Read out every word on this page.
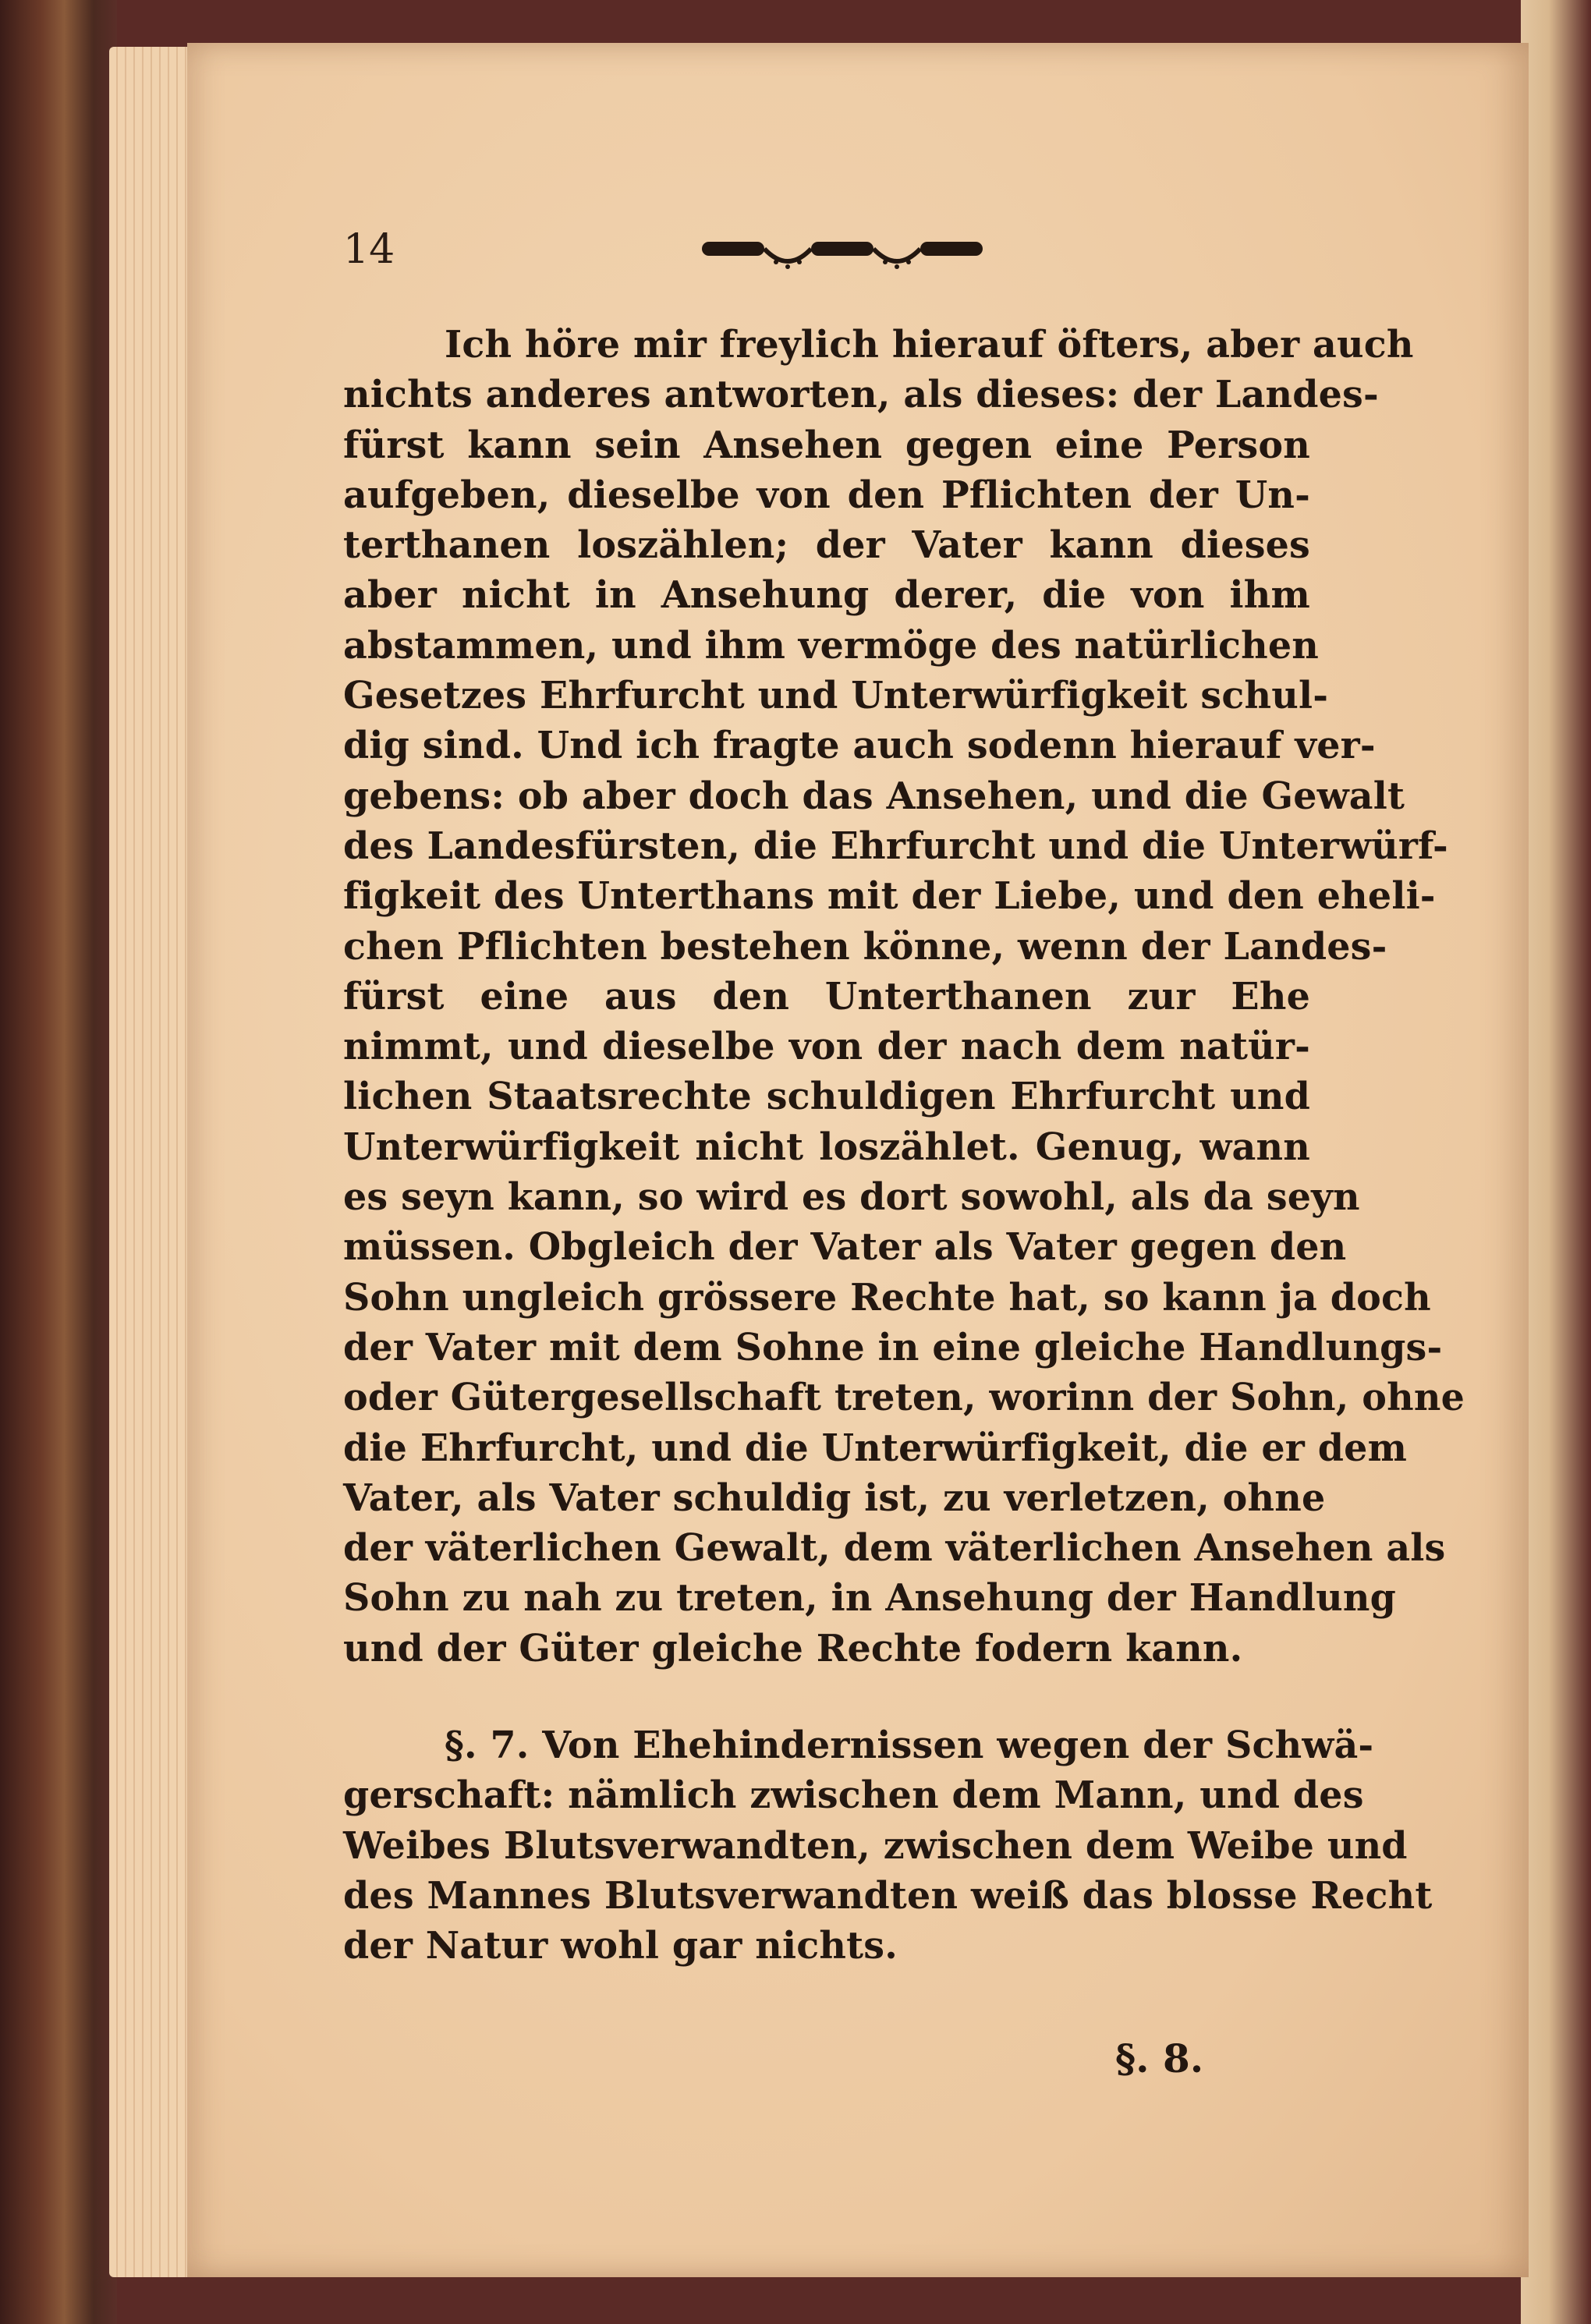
14
Ich höre mir freylich hierauf öfters, aber auch
nichts anderes antworten, als dieses: der Landes-
fürst kann sein Ansehen gegen eine Person
aufgeben, dieselbe von den Pflichten der Un-
terthanen loszählen; der Vater kann dieses
aber nicht in Ansehung derer, die von ihm
abstammen, und ihm vermöge des natürlichen
Gesetzes Ehrfurcht und Unterwürfigkeit schul-
dig sind. Und ich fragte auch sodenn hierauf ver-
gebens: ob aber doch das Ansehen, und die Gewalt
des Landesfürsten, die Ehrfurcht und die Unterwürf-
figkeit des Unterthans mit der Liebe, und den eheli-
chen Pflichten bestehen könne, wenn der Landes-
fürst eine aus den Unterthanen zur Ehe
nimmt, und dieselbe von der nach dem natür-
lichen Staatsrechte schuldigen Ehrfurcht und
Unterwürfigkeit nicht loszählet. Genug, wann
es seyn kann, so wird es dort sowohl, als da seyn
müssen. Obgleich der Vater als Vater gegen den
Sohn ungleich grössere Rechte hat, so kann ja doch
der Vater mit dem Sohne in eine gleiche Handlungs-
oder Gütergesellschaft treten, worinn der Sohn, ohne
die Ehrfurcht, und die Unterwürfigkeit, die er dem
Vater, als Vater schuldig ist, zu verletzen, ohne
der väterlichen Gewalt, dem väterlichen Ansehen als
Sohn zu nah zu treten, in Ansehung der Handlung
und der Güter gleiche Rechte fodern kann.
§. 7. Von Ehehindernissen wegen der Schwä-
gerschaft: nämlich zwischen dem Mann, und des
Weibes Blutsverwandten, zwischen dem Weibe und
des Mannes Blutsverwandten weiß das blosse Recht
der Natur wohl gar nichts.
§. 8.
